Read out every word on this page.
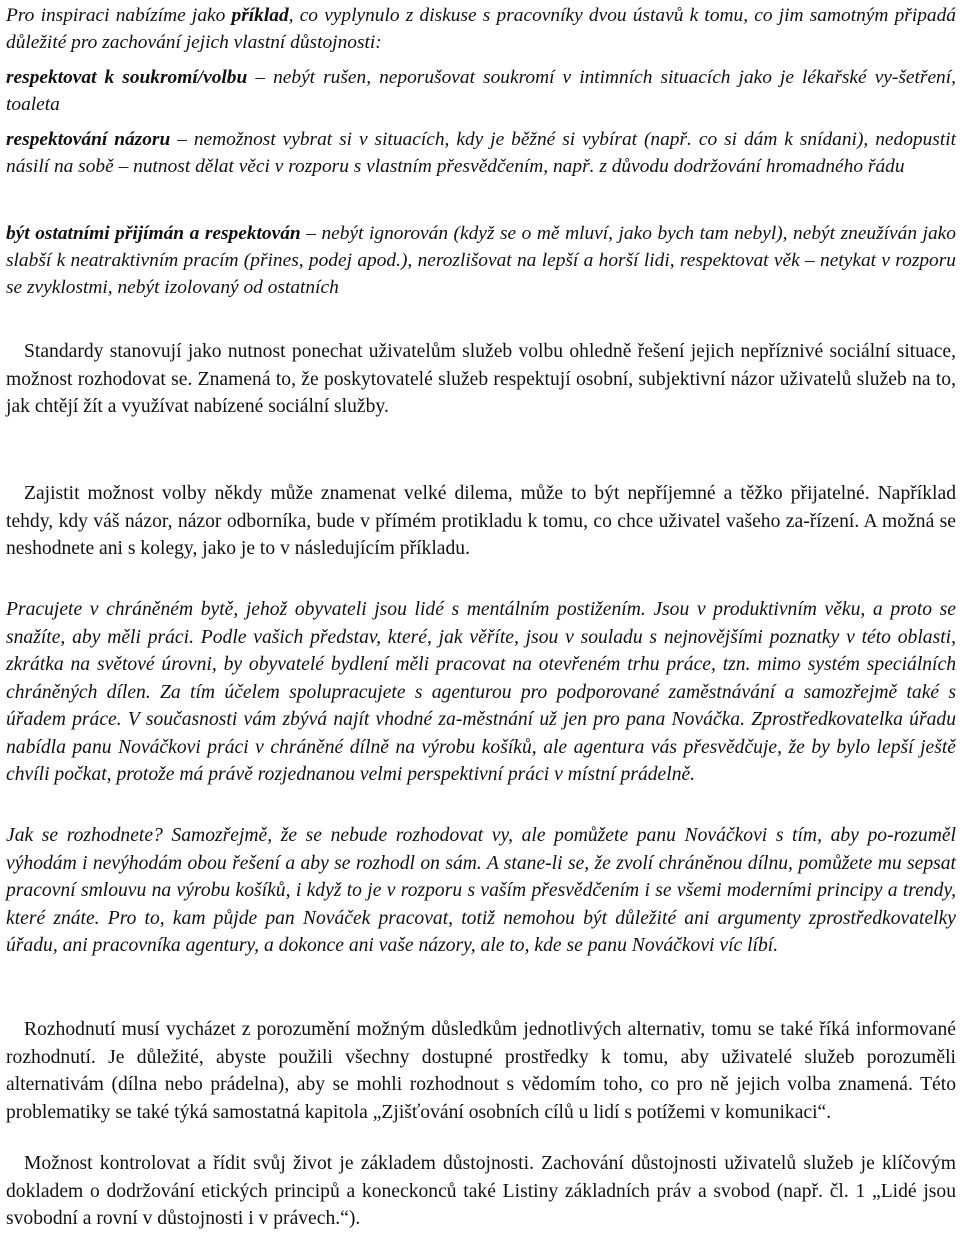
Pro inspiraci nabízíme jako příklad, co vyplynulo z diskuse s pracovníky dvou ústavů k tomu, co jim samotným připadá důležité pro zachování jejich vlastní důstojnosti:

respektovat k soukromí/volbu – nebýt rušen, neporušovat soukromí v intimních situacích jako je lékařské vy-šetření, toaleta

respektování názoru – nemožnost vybrat si v situacích, kdy je běžné si vybírat (např. co si dám k snídani), nedopustit násilí na sobě – nutnost dělat věci v rozporu s vlastním přesvědčením, např. z důvodu dodržování hromadného řádu

být ostatními přijímán a respektován – nebýt ignorován (když se o mě mluví, jako bych tam nebyl), nebýt zneužíván jako slabší k neatraktivním pracím (přines, podej apod.), nerozlišovat na lepší a horší lidi, respektovat věk – netykat v rozporu se zvyklostmi, nebýt izolovaný od ostatních

Standardy stanovují jako nutnost ponechat uživatelům služeb volbu ohledně řešení jejich nepříznivé sociální situace, možnost rozhodovat se. Znamená to, že poskytovatelé služeb respektují osobní, subjektivní názor uživatelů služeb na to, jak chtějí žít a využívat nabízené sociální služby.

Zajistit možnost volby někdy může znamenat velké dilema, může to být nepříjemné a těžko přijatelné. Například tehdy, kdy váš názor, názor odborníka, bude v přímém protikladu k tomu, co chce uživatel vašeho za-řízení. A možná se neshodnete ani s kolegy, jako je to v následujícím příkladu.

Pracujete v chráněném bytě, jehož obyvateli jsou lidé s mentálním postižením. Jsou v produktivním věku, a proto se snažíte, aby měli práci. Podle vašich představ, které, jak věříte, jsou v souladu s nejnovějšími poznatky v této oblasti, zkrátka na světové úrovni, by obyvatelé bydlení měli pracovat na otevřeném trhu práce, tzn. mimo systém speciálních chráněných dílen. Za tím účelem spolupracujete s agenturou pro podporované zaměstnávání a samozřejmě také s úřadem práce. V současnosti vám zbývá najít vhodné za-městnání už jen pro pana Nováčka. Zprostředkovatelka úřadu nabídla panu Nováčkovi práci v chráněné dílně na výrobu košíků, ale agentura vás přesvědčuje, že by bylo lepší ještě chvíli počkat, protože má právě rozjednanou velmi perspektivní práci v místní prádelně.

Jak se rozhodnete? Samozřejmě, že se nebude rozhodovat vy, ale pomůžete panu Nováčkovi s tím, aby po-rozuměl výhodám i nevýhodám obou řešení a aby se rozhodl on sám. A stane-li se, že zvolí chráněnou dílnu, pomůžete mu sepsat pracovní smlouvu na výrobu košíků, i když to je v rozporu s vaším přesvědčením i se všemi moderními principy a trendy, které znáte. Pro to, kam půjde pan Nováček pracovat, totiž nemohou být důležité ani argumenty zprostředkovatelky úřadu, ani pracovníka agentury, a dokonce ani vaše názory, ale to, kde se panu Nováčkovi víc líbí.

Rozhodnutí musí vycházet z porozumění možným důsledkům jednotlivých alternativ, tomu se také říká informované rozhodnutí. Je důležité, abyste použili všechny dostupné prostředky k tomu, aby uživatelé služeb porozuměli alternativám (dílna nebo prádelna), aby se mohli rozhodnout s vědomím toho, co pro ně jejich volba znamená. Této problematiky se také týká samostatná kapitola „Zjišťování osobních cílů u lidí s potížemi v komunikaci“.

Možnost kontrolovat a řídit svůj život je základem důstojnosti. Zachování důstojnosti uživatelů služeb je klíčovým dokladem o dodržování etických principů a koneckonců také Listiny základních práv a svobod (např. čl. 1 „Lidé jsou svobodní a rovní v důstojnosti i v právech.“).
